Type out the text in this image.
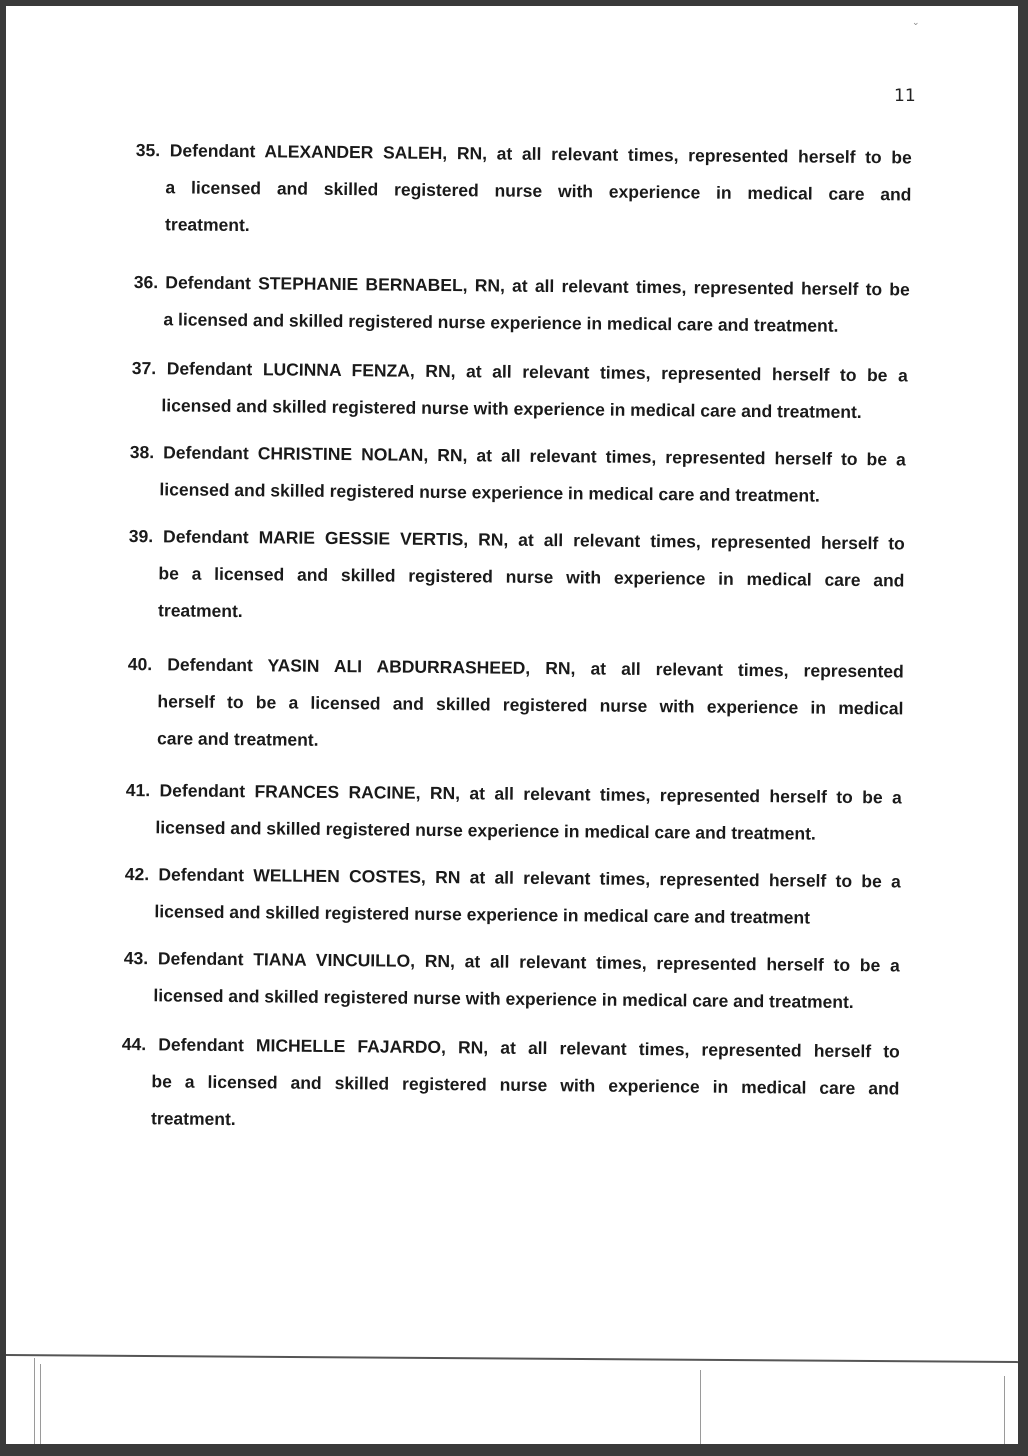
⌄
11
35. Defendant ALEXANDER SALEH, RN, at all relevant times, represented herself to be
a licensed and skilled registered nurse with experience in medical care and
treatment.
36. Defendant STEPHANIE BERNABEL, RN, at all relevant times, represented herself to be
a licensed and skilled registered nurse experience in medical care and treatment.
37. Defendant LUCINNA FENZA, RN, at all relevant times, represented herself to be a
licensed and skilled registered nurse with experience in medical care and treatment.
38. Defendant CHRISTINE NOLAN, RN, at all relevant times, represented herself to be a
licensed and skilled registered nurse experience in medical care and treatment.
39. Defendant MARIE GESSIE VERTIS, RN, at all relevant times, represented herself to
be a licensed and skilled registered nurse with experience in medical care and
treatment.
40. Defendant YASIN ALI ABDURRASHEED, RN, at all relevant times, represented
herself to be a licensed and skilled registered nurse with experience in medical
care and treatment.
41. Defendant FRANCES RACINE, RN, at all relevant times, represented herself to be a
licensed and skilled registered nurse experience in medical care and treatment.
42. Defendant WELLHEN COSTES, RN at all relevant times, represented herself to be a
licensed and skilled registered nurse experience in medical care and treatment
43. Defendant TIANA VINCUILLO, RN, at all relevant times, represented herself to be a
licensed and skilled registered nurse with experience in medical care and treatment.
44. Defendant MICHELLE FAJARDO, RN, at all relevant times, represented herself to
be a licensed and skilled registered nurse with experience in medical care and
treatment.
